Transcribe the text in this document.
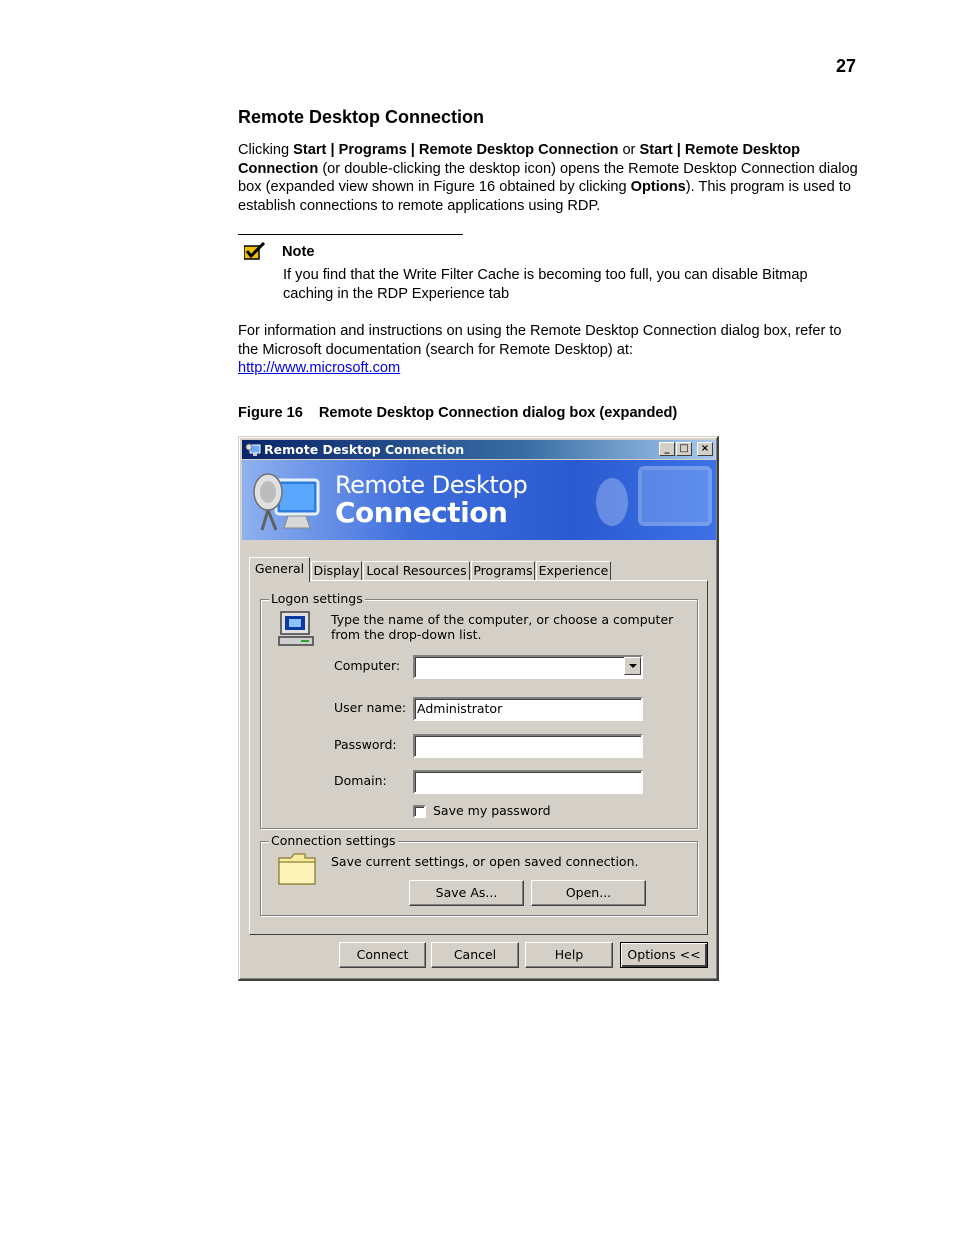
27
Remote Desktop Connection
Clicking Start | Programs | Remote Desktop Connection or Start | Remote Desktop Connection (or double-clicking the desktop icon) opens the Remote Desktop Connection dialog box (expanded view shown in Figure 16 obtained by clicking Options). This program is used to establish connections to remote applications using RDP.
Note
If you find that the Write Filter Cache is becoming too full, you can disable Bitmap caching in the RDP Experience tab
For information and instructions on using the Remote Desktop Connection dialog box, refer to the Microsoft documentation (search for Remote Desktop) at:
http://www.microsoft.com
Figure 16 Remote Desktop Connection dialog box (expanded)
Remote Desktop Connection	_ □	×
Remote Desktop
Connection
General Display Local Resources Programs Experience
Logon settings
Type the name of the computer, or choose a computer from the drop-down list.
Computer:
User name: Administrator
Password:
Domain:
Save my password
Connection settings
Save current settings, or open saved connection.
Save As...	Open...
Connect	Cancel	Help	Options <<
